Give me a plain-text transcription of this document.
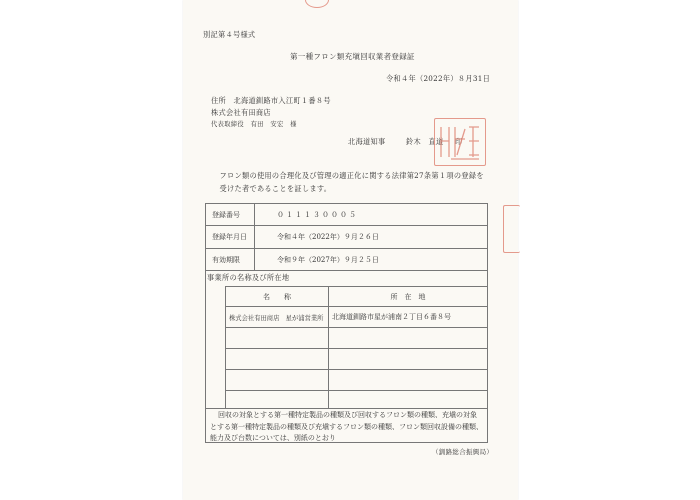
別記第４号様式
第一種フロン類充塡回収業者登録証
令和４年（2022年）８月31日
住所　北海道釧路市入江町１番８号
株式会社有田商店
代表取締役　有田　安宏　様
北海道知事	鈴木　直道 印
　フロン類の使用の合理化及び管理の適正化に関する法律第27条第１項の登録を受けた者であることを証します。
登録番号	０１１１３０００５
登録年月日	令和４年（2022年）９月２６日
有効期限	令和９年（2027年）９月２５日
事業所の名称及び所在地
名　　称	所　在　地
株式会社有田商店　星が浦営業所	北海道釧路市星が浦南２丁目６番８号

回収の対象とする第一種特定製品の種類及び回収するフロン類の種類、充塡の対象とする第一種特定製品の種類及び充塡するフロン類の種類、フロン類回収設備の種類、能力及び台数については、別紙のとおり
（釧路総合振興局）
